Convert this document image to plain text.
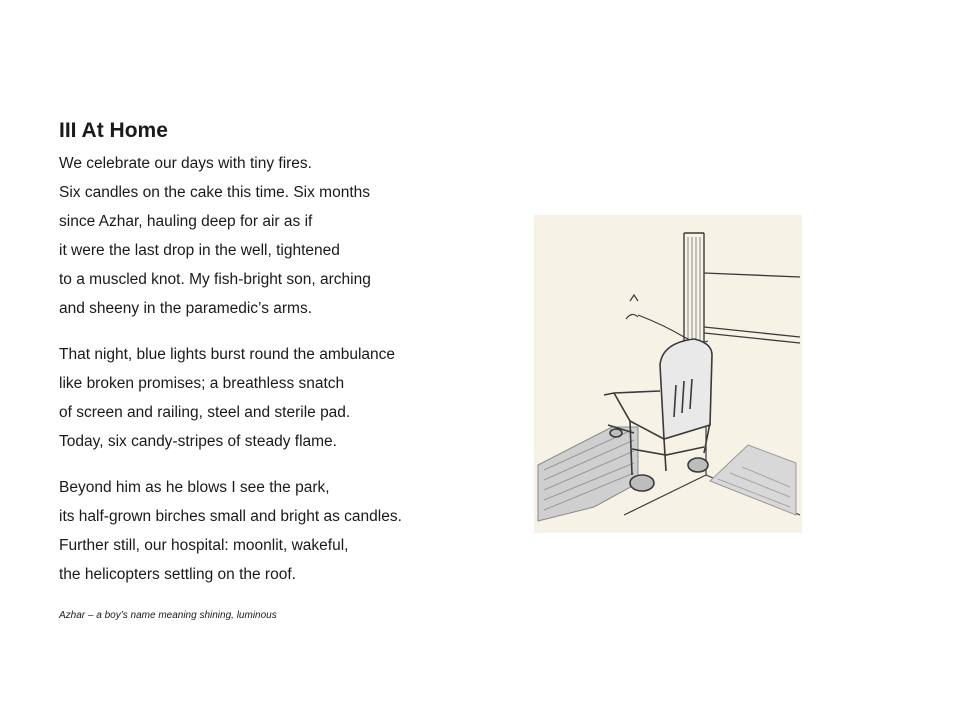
III At Home
We celebrate our days with tiny fires.
Six candles on the cake this time. Six months
since Azhar, hauling deep for air as if
it were the last drop in the well, tightened
to a muscled knot. My fish-bright son, arching
and sheeny in the paramedic’s arms.
That night, blue lights burst round the ambulance
like broken promises; a breathless snatch
of screen and railing, steel and sterile pad.
Today, six candy-stripes of steady flame.
Beyond him as he blows I see the park,
its half-grown birches small and bright as candles.
Further still, our hospital: moonlit, wakeful,
the helicopters settling on the roof.

Azhar – a boy’s name meaning shining, luminous
